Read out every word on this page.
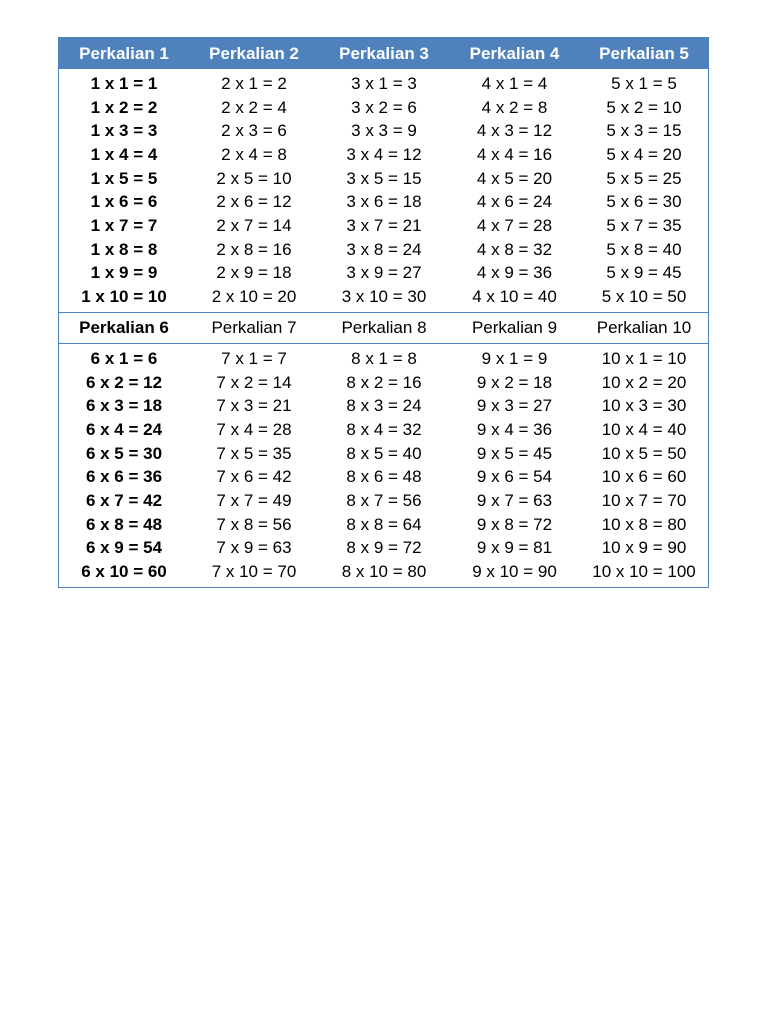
Perkalian 1	Perkalian 2	Perkalian 3	Perkalian 4	Perkalian 5
1 x 1 = 1	2 x 1 = 2	3 x 1 = 3	4 x 1 = 4	5 x 1 = 5
1 x 2 = 2	2 x 2 = 4	3 x 2 = 6	4 x 2 = 8	5 x 2 = 10
1 x 3 = 3	2 x 3 = 6	3 x 3 = 9	4 x 3 = 12	5 x 3 = 15
1 x 4 = 4	2 x 4 = 8	3 x 4 = 12	4 x 4 = 16	5 x 4 = 20
1 x 5 = 5	2 x 5 = 10	3 x 5 = 15	4 x 5 = 20	5 x 5 = 25
1 x 6 = 6	2 x 6 = 12	3 x 6 = 18	4 x 6 = 24	5 x 6 = 30
1 x 7 = 7	2 x 7 = 14	3 x 7 = 21	4 x 7 = 28	5 x 7 = 35
1 x 8 = 8	2 x 8 = 16	3 x 8 = 24	4 x 8 = 32	5 x 8 = 40
1 x 9 = 9	2 x 9 = 18	3 x 9 = 27	4 x 9 = 36	5 x 9 = 45
1 x 10 = 10	2 x 10 = 20	3 x 10 = 30	4 x 10 = 40	5 x 10 = 50
Perkalian 6	Perkalian 7	Perkalian 8	Perkalian 9	Perkalian 10
6 x 1 = 6	7 x 1 = 7	8 x 1 = 8	9 x 1 = 9	10 x 1 = 10
6 x 2 = 12	7 x 2 = 14	8 x 2 = 16	9 x 2 = 18	10 x 2 = 20
6 x 3 = 18	7 x 3 = 21	8 x 3 = 24	9 x 3 = 27	10 x 3 = 30
6 x 4 = 24	7 x 4 = 28	8 x 4 = 32	9 x 4 = 36	10 x 4 = 40
6 x 5 = 30	7 x 5 = 35	8 x 5 = 40	9 x 5 = 45	10 x 5 = 50
6 x 6 = 36	7 x 6 = 42	8 x 6 = 48	9 x 6 = 54	10 x 6 = 60
6 x 7 = 42	7 x 7 = 49	8 x 7 = 56	9 x 7 = 63	10 x 7 = 70
6 x 8 = 48	7 x 8 = 56	8 x 8 = 64	9 x 8 = 72	10 x 8 = 80
6 x 9 = 54	7 x 9 = 63	8 x 9 = 72	9 x 9 = 81	10 x 9 = 90
6 x 10 = 60	7 x 10 = 70	8 x 10 = 80	9 x 10 = 90	10 x 10 = 100
